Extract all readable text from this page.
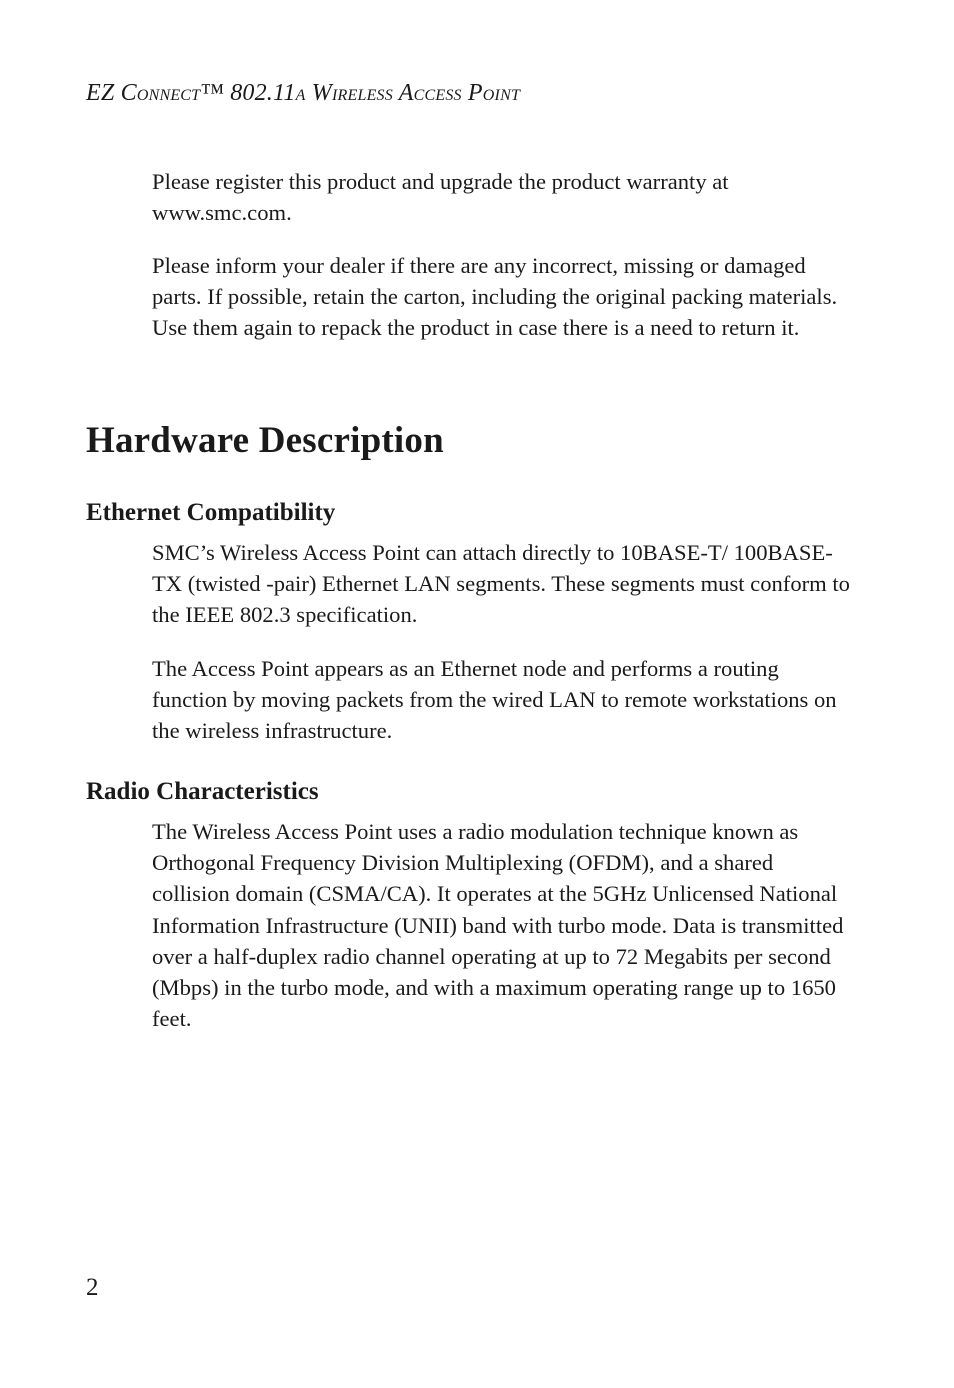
EZ CONNECT™ 802.11A WIRELESS ACCESS POINT

Please register this product and upgrade the product warranty at www.smc.com.

Please inform your dealer if there are any incorrect, missing or damaged parts. If possible, retain the carton, including the original packing materials. Use them again to repack the product in case there is a need to return it.

Hardware Description
Ethernet Compatibility

SMC’s Wireless Access Point can attach directly to 10BASE-T/ 100BASE-TX (twisted -pair) Ethernet LAN segments. These segments must conform to the IEEE 802.3 specification.

The Access Point appears as an Ethernet node and performs a routing function by moving packets from the wired LAN to remote workstations on the wireless infrastructure.

Radio Characteristics

The Wireless Access Point uses a radio modulation technique known as Orthogonal Frequency Division Multiplexing (OFDM), and a shared collision domain (CSMA/CA). It operates at the 5GHz Unlicensed National Information Infrastructure (UNII) band with turbo mode. Data is transmitted over a half-duplex radio channel operating at up to 72 Megabits per second (Mbps) in the turbo mode, and with a maximum operating range up to 1650 feet.

2
